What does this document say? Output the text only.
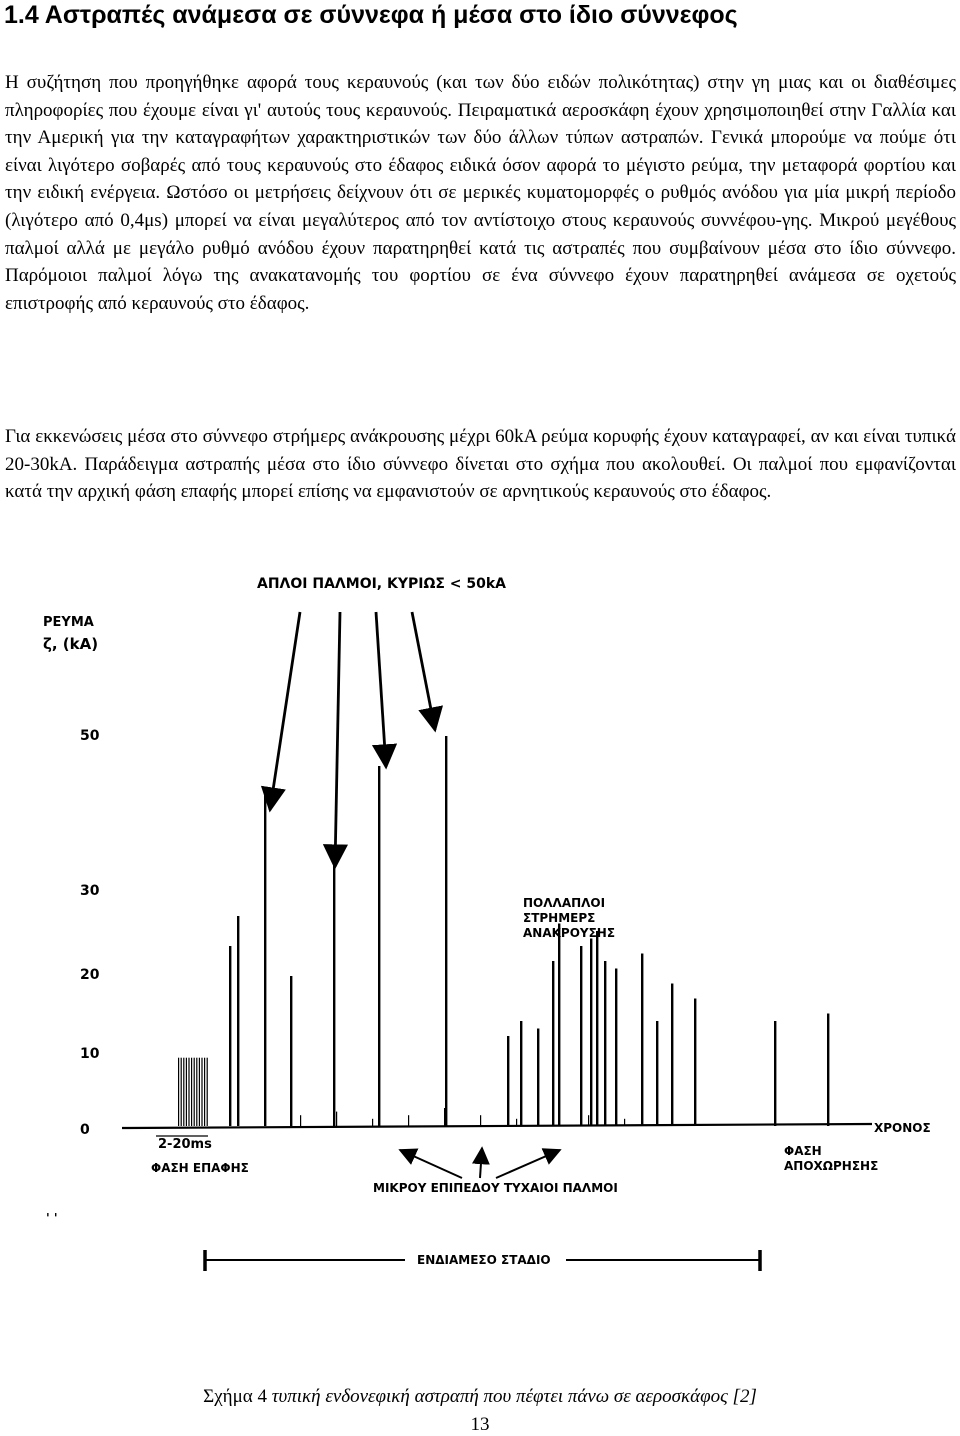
1.4 Αστραπές ανάμεσα σε σύννεφα ή μέσα στο ίδιο σύννεφος

Η συζήτηση που προηγήθηκε αφορά τους κεραυνούς (και των δύο ειδών πολικότητας) στην γη μιας και οι διαθέσιμες πληροφορίες που έχουμε είναι γι' αυτούς τους κεραυνούς. Πειραματικά αεροσκάφη έχουν χρησιμοποιηθεί στην Γαλλία και την Αμερική για την καταγραφήτων χαρακτηριστικών των δύο άλλων τύπων αστραπών. Γενικά μπορούμε να πούμε ότι είναι λιγότερο σοβαρές από τους κεραυνούς στο έδαφος ειδικά όσον αφορά το μέγιστο ρεύμα, την μεταφορά φορτίου και την ειδική ενέργεια. Ωστόσο οι μετρήσεις δείχνουν ότι σε μερικές κυματομορφές ο ρυθμός ανόδου για μία μικρή περίοδο (λιγότερο από 0,4μs) μπορεί να είναι μεγαλύτερος από τον αντίστοιχο στους κεραυνούς συννέφου-γης. Μικρού μεγέθους παλμοί αλλά με μεγάλο ρυθμό ανόδου έχουν παρατηρηθεί κατά τις αστραπές που συμβαίνουν μέσα στο ίδιο σύννεφο. Παρόμοιοι παλμοί λόγω της ανακατανομής του φορτίου σε ένα σύννεφο έχουν παρατηρηθεί ανάμεσα σε οχετούς επιστροφής από κεραυνούς στο έδαφος.

Για εκκενώσεις μέσα στο σύννεφο στρήμερς ανάκρουσης μέχρι 60kA ρεύμα κορυφής έχουν καταγραφεί, αν και είναι τυπικά 20-30kA. Παράδειγμα αστραπής μέσα στο ίδιο σύννεφο δίνεται στο σχήμα που ακολουθεί. Οι παλμοί που εμφανίζονται κατά την αρχική φάση επαφής μπορεί επίσης να εμφανιστούν σε αρνητικούς κεραυνούς στο έδαφος.

ΑΠΛΟΙ ΠΑΛΜΟΙ, ΚΥΡΙΩΣ < 50kA
ΡΕΥΜΑ
ζ, (kA)
50
30
20
10
0
ΠΟΛΛΑΠΛΟΙ
ΣΤΡΗΜΕΡΣ
ΑΝΑΚΡΟΥΣΗΣ
ΧΡΟΝΟΣ
2-20ms
ΦΑΣΗ ΕΠΑΦΗΣ
ΜΙΚΡΟΥ ΕΠΙΠΕΔΟΥ ΤΥΧΑΙΟΙ ΠΑΛΜΟΙ
ΦΑΣΗ
ΑΠΟΧΩΡΗΣΗΣ
' '
ΕΝΔΙΑΜΕΣΟ ΣΤΑΔΙΟ

Σχήμα 4 τυπική ενδονεφική αστραπή που πέφτει πάνω σε αεροσκάφος [2]

13
